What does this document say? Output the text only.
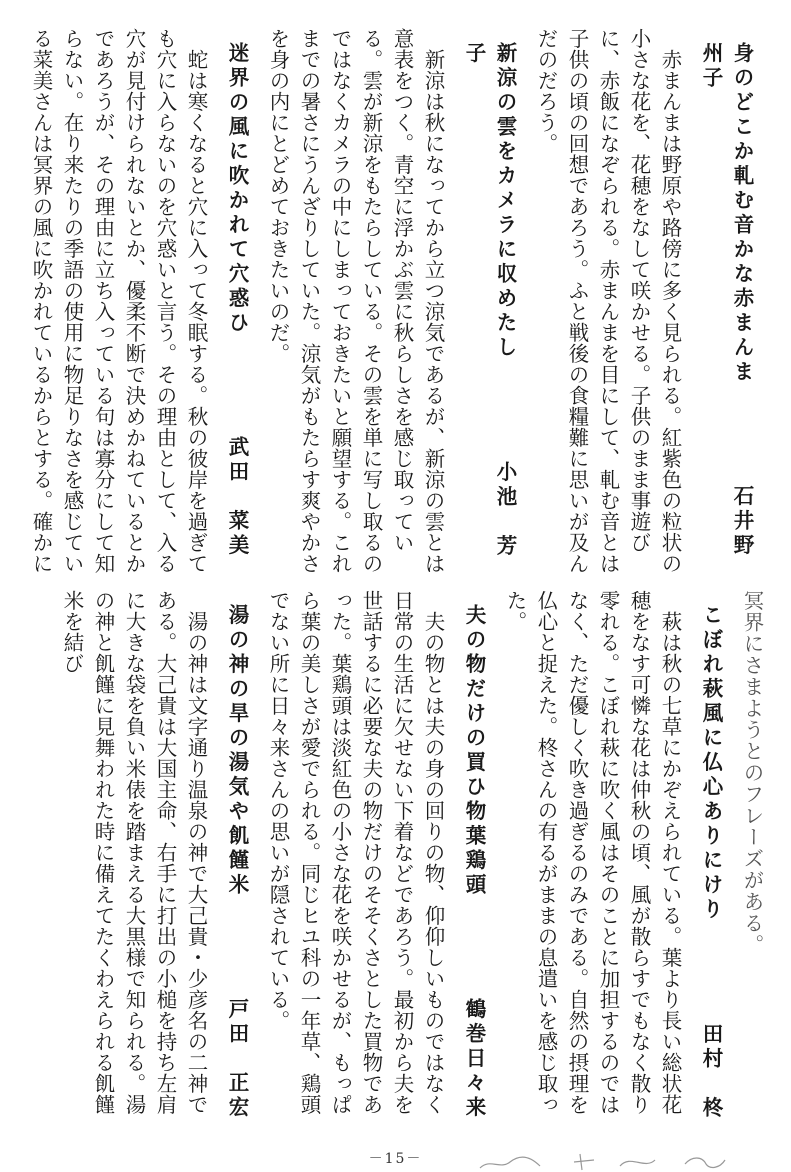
身のどこか軋む音かな赤まんま石井野州子
赤まんまは野原や路傍に多く見られる。紅紫色の粒状の小さな花を、花穂をなして咲かせる。子供のまま事遊びに、赤飯になぞられる。赤まんまを目にして、軋む音とは子供の頃の回想であろう。ふと戦後の食糧難に思いが及んだのだろう。
新涼の雲をカメラに収めたし小池　芳子
新涼は秋になってから立つ涼気であるが、新涼の雲とは意表をつく。青空に浮かぶ雲に秋らしさを感じ取っている。雲が新涼をもたらしている。その雲を単に写し取るのではなくカメラの中にしまっておきたいと願望する。これまでの暑さにうんざりしていた。涼気がもたらす爽やかさを身の内にとどめておきたいのだ。
迷界の風に吹かれて穴惑ひ武田　菜美
蛇は寒くなると穴に入って冬眠する。秋の彼岸を過ぎても穴に入らないのを穴惑いと言う。その理由として、入る穴が見付けられないとか、優柔不断で決めかねているとかであろうが、その理由に立ち入っている句は寡分にして知らない。在り来たりの季語の使用に物足りなさを感じている菜美さんは冥界の風に吹かれているからとする。確かに
冥界にさまようとのフレーズがある。
こぼれ萩風に仏心ありにけり田村　柊
萩は秋の七草にかぞえられている。葉より長い総状花穂をなす可憐な花は仲秋の頃、風が散らすでもなく散り零れる。こぼれ萩に吹く風はそのことに加担するのではなく、ただ優しく吹き過ぎるのみである。自然の摂理を仏心と捉えた。柊さんの有るがままの息遣いを感じ取った。
夫の物だけの買ひ物葉鶏頭鶴巻日々来
夫の物とは夫の身の回りの物、仰仰しいものではなく日常の生活に欠せない下着などであろう。最初から夫を世話するに必要な夫の物だけのそそくさとした買物であった。葉鶏頭は淡紅色の小さな花を咲かせるが、もっぱら葉の美しさが愛でられる。同じヒユ科の一年草、鶏頭でない所に日々来さんの思いが隠されている。
湯の神の旱の湯気や飢饉米戸田　正宏
湯の神は文字通り温泉の神で大己貴・少彦名の二神である。大己貴は大国主命、右手に打出の小槌を持ち左肩に大きな袋を負い米俵を踏まえる大黒様で知られる。湯の神と飢饉に見舞われた時に備えてたくわえられる飢饉米を結び
－15－
